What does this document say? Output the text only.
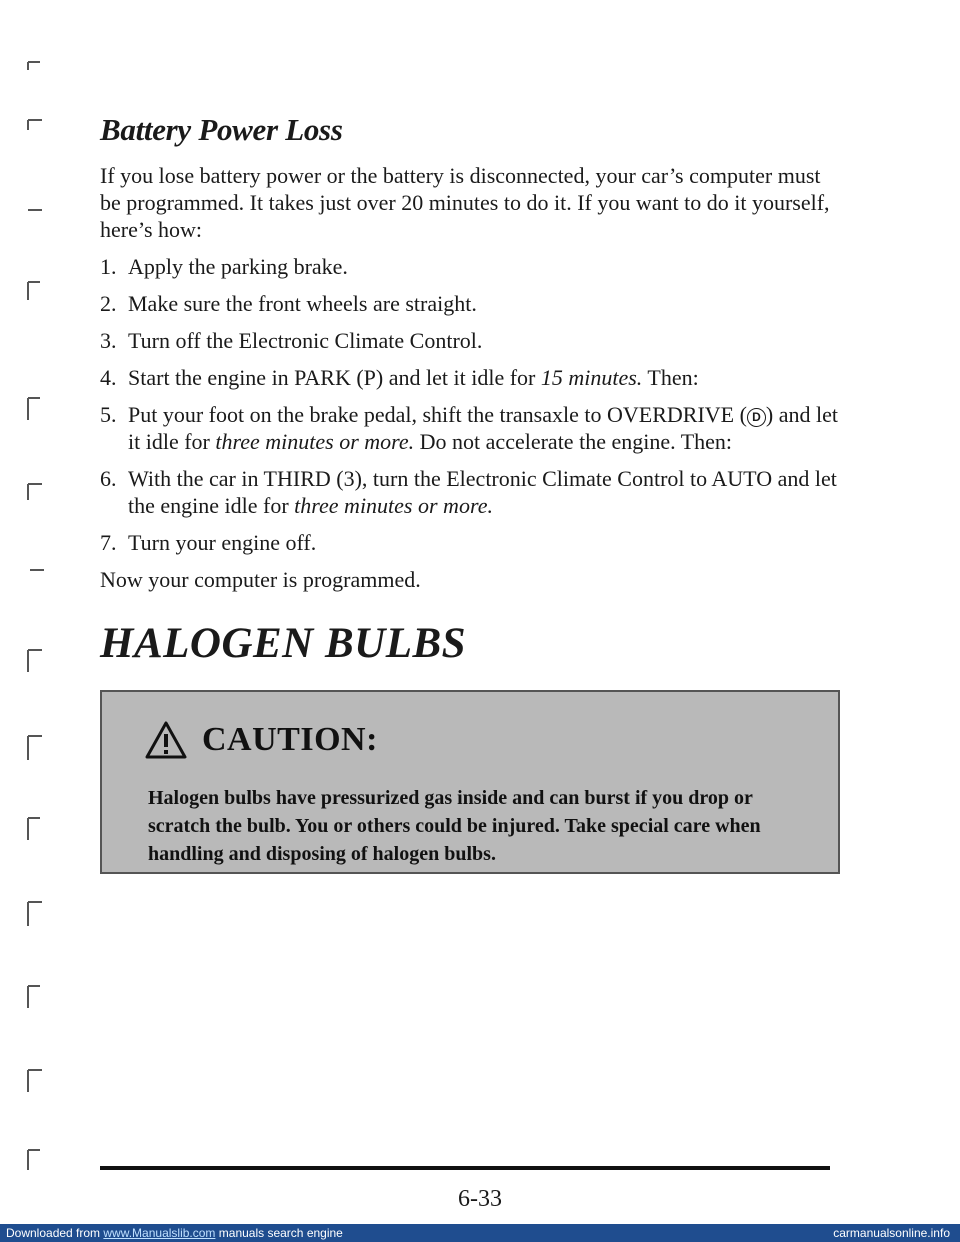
Battery Power Loss

If you lose battery power or the battery is disconnected, your car’s computer must be programmed. It takes just over 20 minutes to do it. If you want to do it yourself, here’s how:

1. Apply the parking brake.
2. Make sure the front wheels are straight.
3. Turn off the Electronic Climate Control.
4. Start the engine in PARK (P) and let it idle for 15 minutes. Then:
5. Put your foot on the brake pedal, shift the transaxle to OVERDRIVE ( D ) and let it idle for three minutes or more. Do not accelerate the engine. Then:
6. With the car in THIRD (3), turn the Electronic Climate Control to AUTO and let the engine idle for three minutes or more.
7. Turn your engine off.

Now your computer is programmed.

HALOGEN BULBS
CAUTION:
Halogen bulbs have pressurized gas inside and can burst if you drop or scratch the bulb. You or others could be injured. Take special care when handling and disposing of halogen bulbs.
6-33
Downloaded from www.Manualslib.com manuals search engine	carmanualsonline.info
